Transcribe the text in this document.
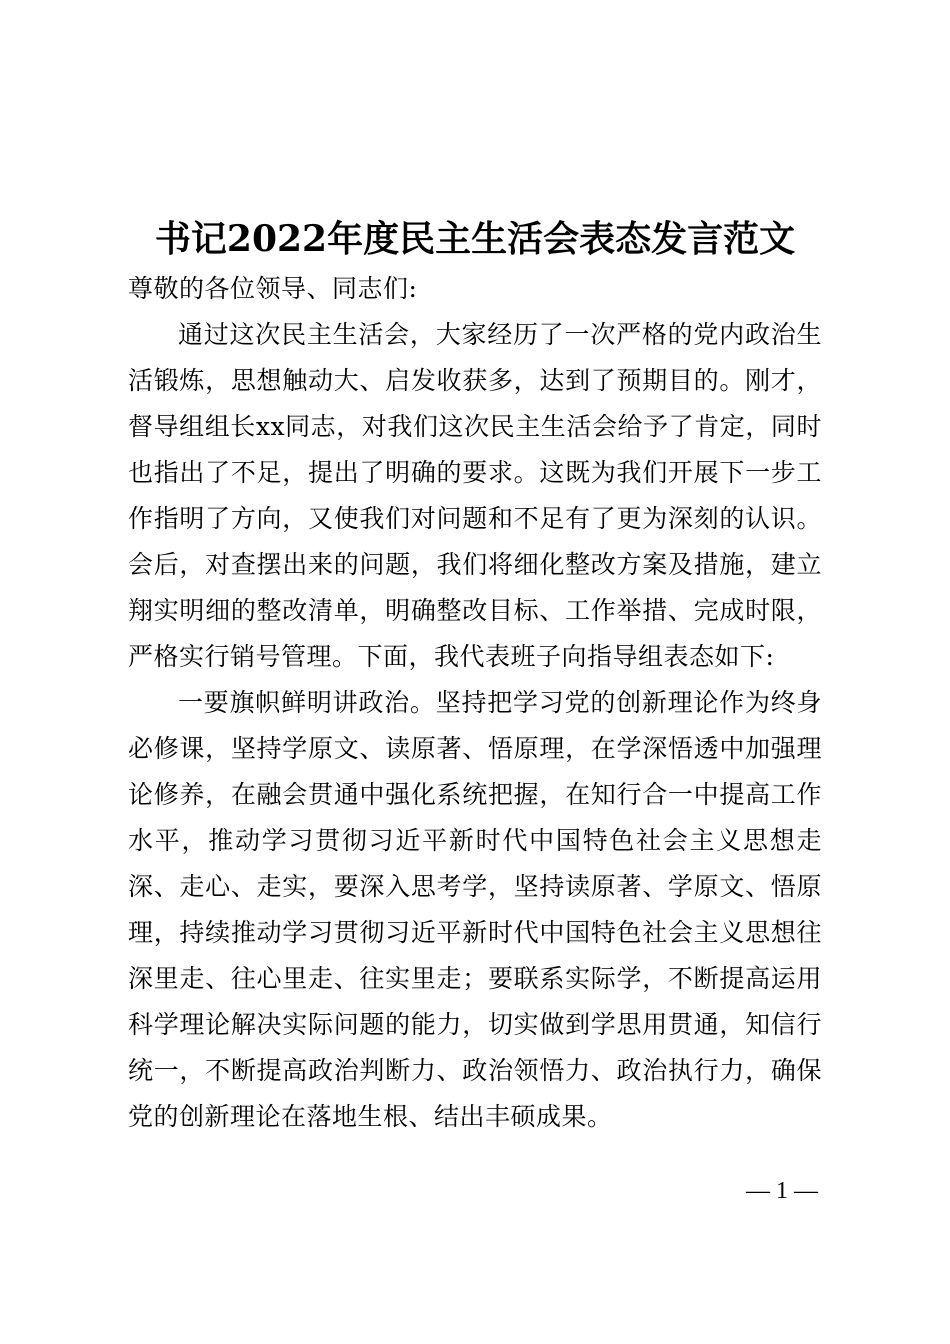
书记2022年度民主生活会表态发言范文

尊敬的各位领导、同志们:

通过这次民主生活会，大家经历了一次严格的党内政治生活锻炼，思想触动大、启发收获多，达到了预期目的。刚才，督导组组长xx同志，对我们这次民主生活会给予了肯定，同时也指出了不足，提出了明确的要求。这既为我们开展下一步工作指明了方向，又使我们对问题和不足有了更为深刻的认识。会后，对查摆出来的问题，我们将细化整改方案及措施，建立翔实明细的整改清单，明确整改目标、工作举措、完成时限，严格实行销号管理。下面，我代表班子向指导组表态如下:

一要旗帜鲜明讲政治。坚持把学习党的创新理论作为终身必修课，坚持学原文、读原著、悟原理，在学深悟透中加强理论修养，在融会贯通中强化系统把握，在知行合一中提高工作水平，推动学习贯彻习近平新时代中国特色社会主义思想走深、走心、走实，要深入思考学，坚持读原著、学原文、悟原理，持续推动学习贯彻习近平新时代中国特色社会主义思想往深里走、往心里走、往实里走；要联系实际学，不断提高运用科学理论解决实际问题的能力，切实做到学思用贯通，知信行统一，不断提高政治判断力、政治领悟力、政治执行力，确保党的创新理论在落地生根、结出丰硕成果。

— 1 —
